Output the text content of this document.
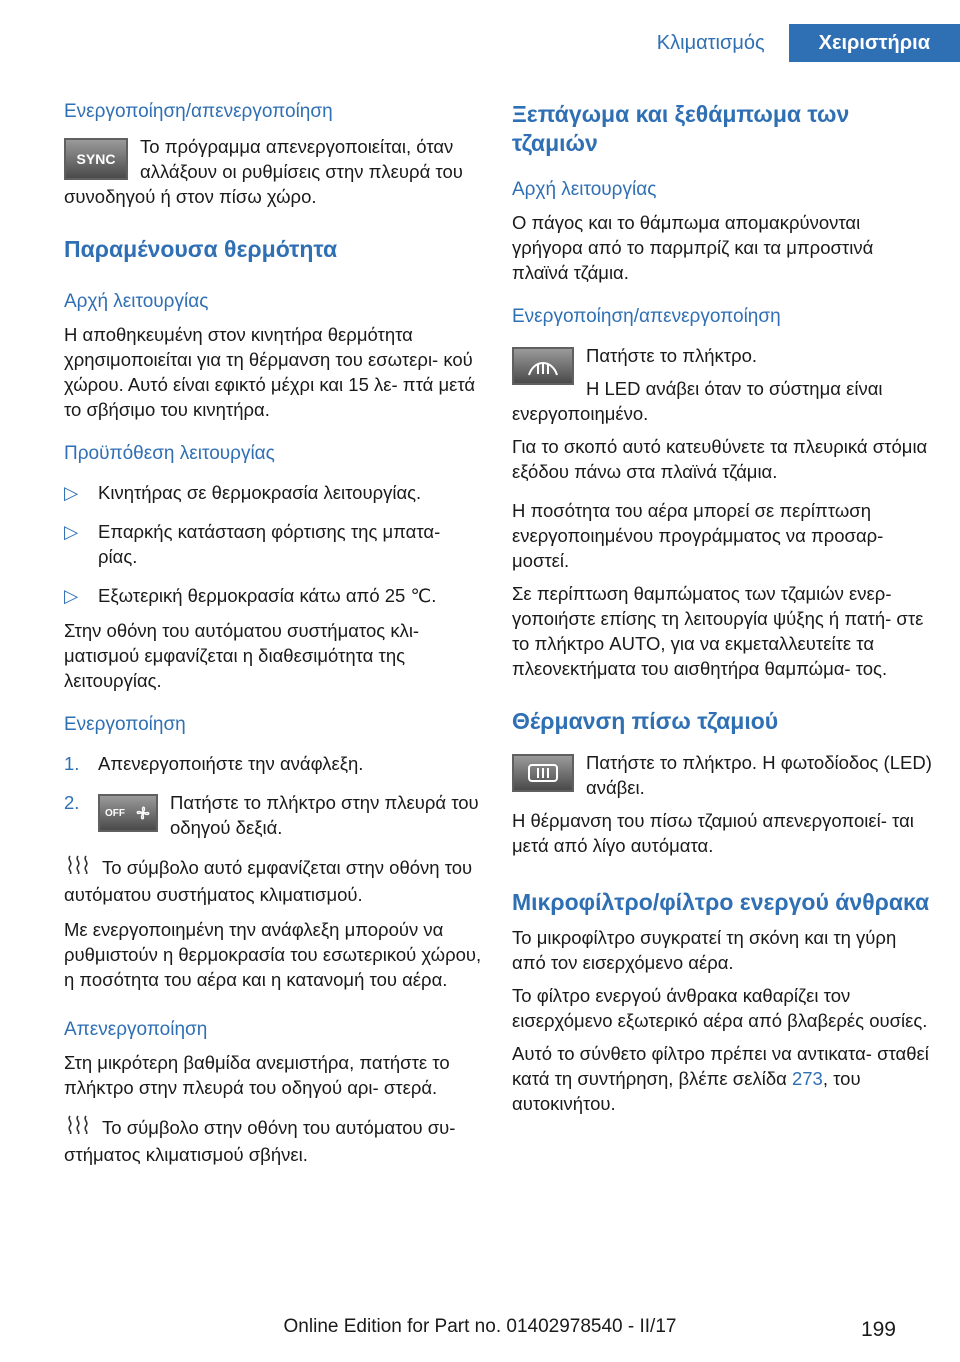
Κλιματισμός	Χειριστήρια
Ενεργοποίηση/απενεργοποίηση
SYNC

Το πρόγραμμα απενεργοποιείται, όταν αλλάξουν οι ρυθμίσεις στην πλευρά του συνοδηγού ή στον πίσω χώρο.

Παραμένουσα θερμότητα
Αρχή λειτουργίας

Η αποθηκευμένη στον κινητήρα θερμότητα χρησιμοποιείται για τη θέρμανση του εσωτερι- κού χώρου. Αυτό είναι εφικτό μέχρι και 15 λε- πτά μετά το σβήσιμο του κινητήρα.

Προϋπόθεση λειτουργίας
▷	Κινητήρας σε θερμοκρασία λειτουργίας.
▷	Επαρκής κατάσταση φόρτισης της μπατα- ρίας.
▷	Εξωτερική θερμοκρασία κάτω από 25 ℃.

Στην οθόνη του αυτόματου συστήματος κλι- ματισμού εμφανίζεται η διαθεσιμότητα της λειτουργίας.

Ενεργοποίηση
1.	Απενεργοποιήστε την ανάφλεξη.
2.	OFF Πατήστε το πλήκτρο στην πλευρά του οδηγού δεξιά.

Το σύμβολο αυτό εμφανίζεται στην οθόνη του αυτόματου συστήματος κλιματισμού.

Με ενεργοποιημένη την ανάφλεξη μπορούν να ρυθμιστούν η θερμοκρασία του εσωτερικού χώρου, η ποσότητα του αέρα και η κατανομή του αέρα.

Απενεργοποίηση

Στη μικρότερη βαθμίδα ανεμιστήρα, πατήστε το πλήκτρο στην πλευρά του οδηγού αρι- στερά.

Το σύμβολο στην οθόνη του αυτόματου συ- στήματος κλιματισμού σβήνει.

Ξεπάγωμα και ξεθάμπωμα των τζαμιών
Αρχή λειτουργίας

Ο πάγος και το θάμπωμα απομακρύνονται γρήγορα από το παρμπρίζ και τα μπροστινά πλαϊνά τζάμια.

Ενεργοποίηση/απενεργοποίηση

Πατήστε το πλήκτρο.

Η LED ανάβει όταν το σύστημα είναι ενεργοποιημένο.

Για το σκοπό αυτό κατευθύνετε τα πλευρικά στόμια εξόδου πάνω στα πλαϊνά τζάμια.

Η ποσότητα του αέρα μπορεί σε περίπτωση ενεργοποιημένου προγράμματος να προσαρ- μοστεί.

Σε περίπτωση θαμπώματος των τζαμιών ενερ- γοποιήστε επίσης τη λειτουργία ψύξης ή πατή- στε το πλήκτρο AUTO, για να εκμεταλλευτείτε τα πλεονεκτήματα του αισθητήρα θαμπώμα- τος.

Θέρμανση πίσω τζαμιού

Πατήστε το πλήκτρο. Η φωτοδίοδος (LED) ανάβει.

Η θέρμανση του πίσω τζαμιού απενεργοποιεί- ται μετά από λίγο αυτόματα.

Μικροφίλτρο/φίλτρο ενεργού άνθρακα

Το μικροφίλτρο συγκρατεί τη σκόνη και τη γύρη από τον εισερχόμενο αέρα.

Το φίλτρο ενεργού άνθρακα καθαρίζει τον εισερχόμενο εξωτερικό αέρα από βλαβερές ουσίες.

Αυτό το σύνθετο φίλτρο πρέπει να αντικατα- σταθεί κατά τη συντήρηση, βλέπε σελίδα 273, του αυτοκινήτου.

199
Online Edition for Part no. 01402978540 - II/17
